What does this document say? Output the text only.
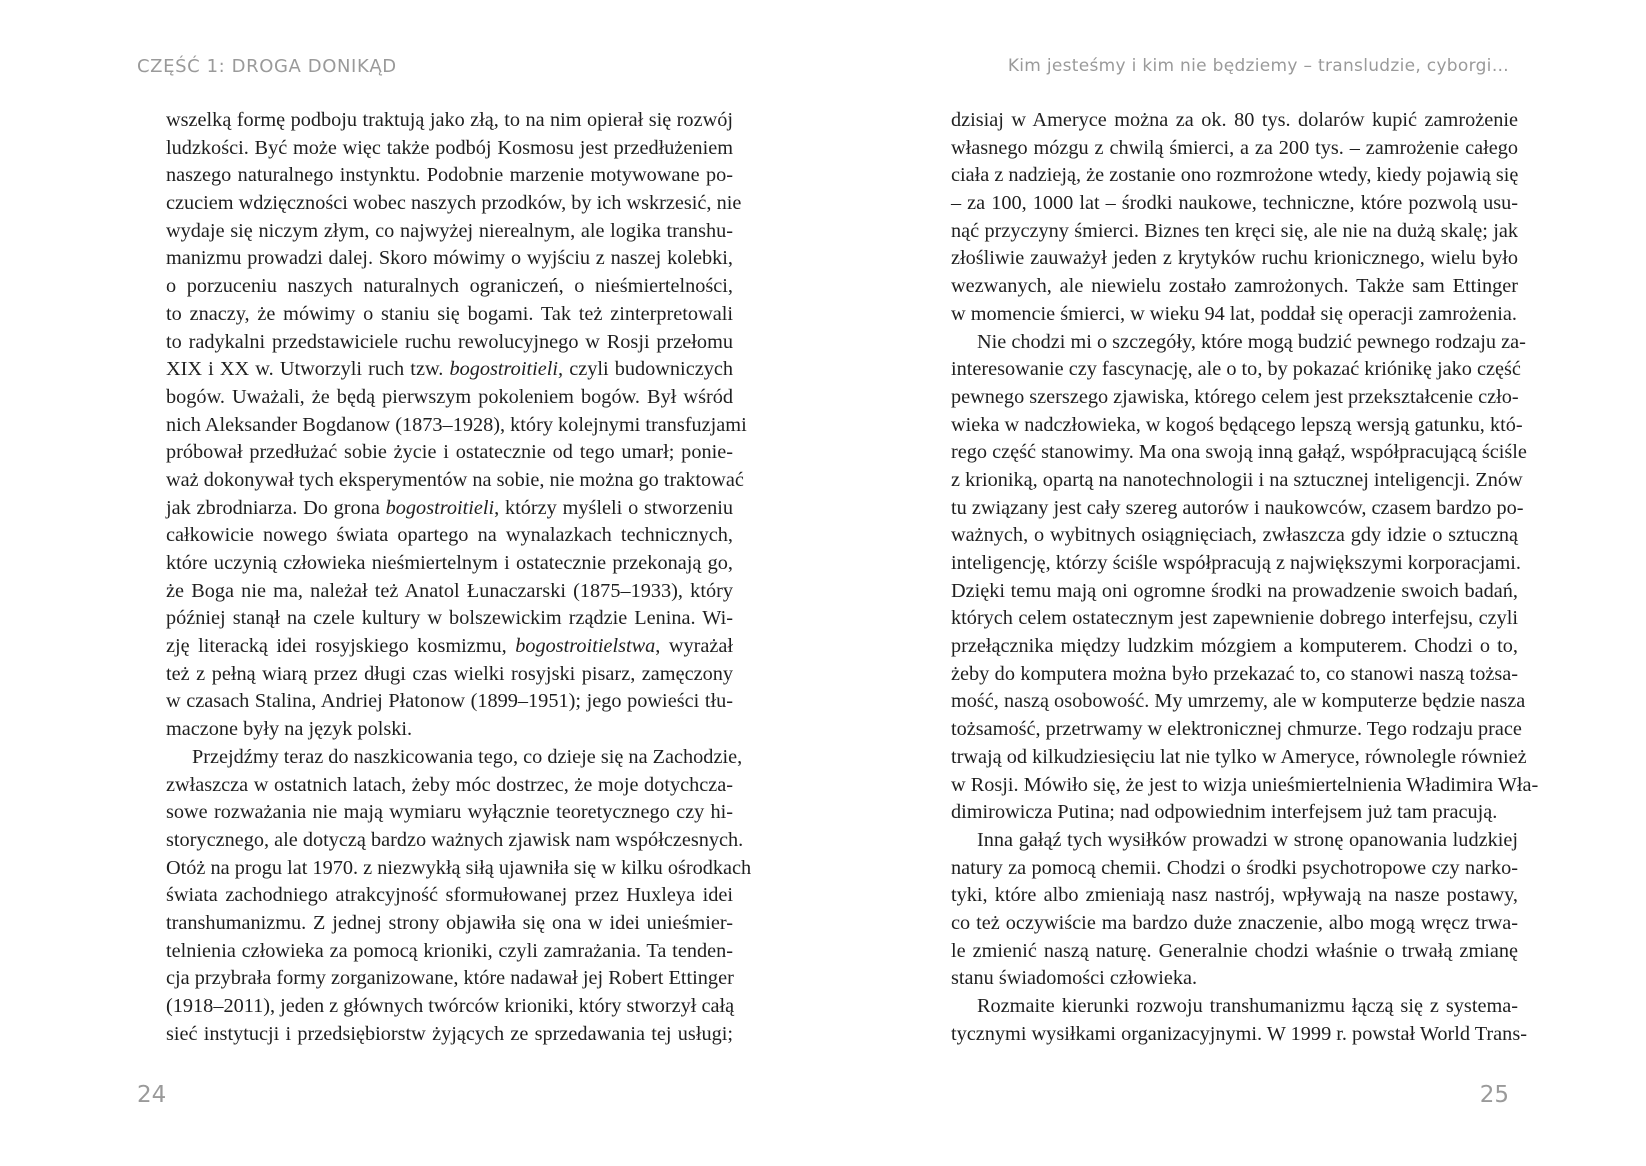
CZĘŚĆ 1: DROGA DONIKĄD
wszelką formę podboju traktują jako złą, to na nim opierał się rozwój
ludzkości. Być może więc także podbój Kosmosu jest przedłużeniem
naszego naturalnego instynktu. Podobnie marzenie motywowane po-
czuciem wdzięczności wobec naszych przodków, by ich wskrzesić, nie
wydaje się niczym złym, co najwyżej nierealnym, ale logika transhu-
manizmu prowadzi dalej. Skoro mówimy o wyjściu z naszej kolebki,
o porzuceniu naszych naturalnych ograniczeń, o nieśmiertelności,
to znaczy, że mówimy o staniu się bogami. Tak też zinterpretowali
to radykalni przedstawiciele ruchu rewolucyjnego w Rosji przełomu
XIX i XX w. Utworzyli ruch tzw. bogostroitieli, czyli budowniczych
bogów. Uważali, że będą pierwszym pokoleniem bogów. Był wśród
nich Aleksander Bogdanow (1873–1928), który kolejnymi transfuzjami
próbował przedłużać sobie życie i ostatecznie od tego umarł; ponie-
waż dokonywał tych eksperymentów na sobie, nie można go traktować
jak zbrodniarza. Do grona bogostroitieli, którzy myśleli o stworzeniu
całkowicie nowego świata opartego na wynalazkach technicznych,
które uczynią człowieka nieśmiertelnym i ostatecznie przekonają go,
że Boga nie ma, należał też Anatol Łunaczarski (1875–1933), który
później stanął na czele kultury w bolszewickim rządzie Lenina. Wi-
zję literacką idei rosyjskiego kosmizmu, bogostroitielstwa, wyrażał
też z pełną wiarą przez długi czas wielki rosyjski pisarz, zamęczony
w czasach Stalina, Andriej Płatonow (1899–1951); jego powieści tłu-
maczone były na język polski.
Przejdźmy teraz do naszkicowania tego, co dzieje się na Zachodzie,
zwłaszcza w ostatnich latach, żeby móc dostrzec, że moje dotychcza-
sowe rozważania nie mają wymiaru wyłącznie teoretycznego czy hi-
storycznego, ale dotyczą bardzo ważnych zjawisk nam współczesnych.
Otóż na progu lat 1970. z niezwykłą siłą ujawniła się w kilku ośrodkach
świata zachodniego atrakcyjność sformułowanej przez Huxleya idei
transhumanizmu. Z jednej strony objawiła się ona w idei unieśmier-
telnienia człowieka za pomocą krioniki, czyli zamrażania. Ta tenden-
cja przybrała formy zorganizowane, które nadawał jej Robert Ettinger
(1918–2011), jeden z głównych twórców krioniki, który stworzył całą
sieć instytucji i przedsiębiorstw żyjących ze sprzedawania tej usługi;
24
Kim jesteśmy i kim nie będziemy – transludzie, cyborgi…
dzisiaj w Ameryce można za ok. 80 tys. dolarów kupić zamrożenie
własnego mózgu z chwilą śmierci, a za 200 tys. – zamrożenie całego
ciała z nadzieją, że zostanie ono rozmrożone wtedy, kiedy pojawią się
– za 100, 1000 lat – środki naukowe, techniczne, które pozwolą usu-
nąć przyczyny śmierci. Biznes ten kręci się, ale nie na dużą skalę; jak
złośliwie zauważył jeden z krytyków ruchu krionicznego, wielu było
wezwanych, ale niewielu zostało zamrożonych. Także sam Ettinger
w momencie śmierci, w wieku 94 lat, poddał się operacji zamrożenia.
Nie chodzi mi o szczegóły, które mogą budzić pewnego rodzaju za-
interesowanie czy fascynację, ale o to, by pokazać kriónikę jako część
pewnego szerszego zjawiska, którego celem jest przekształcenie czło-
wieka w nadczłowieka, w kogoś będącego lepszą wersją gatunku, któ-
rego część stanowimy. Ma ona swoją inną gałąź, współpracującą ściśle
z krioniką, opartą na nanotechnologii i na sztucznej inteligencji. Znów
tu związany jest cały szereg autorów i naukowców, czasem bardzo po-
ważnych, o wybitnych osiągnięciach, zwłaszcza gdy idzie o sztuczną
inteligencję, którzy ściśle współpracują z największymi korporacjami.
Dzięki temu mają oni ogromne środki na prowadzenie swoich badań,
których celem ostatecznym jest zapewnienie dobrego interfejsu, czyli
przełącznika między ludzkim mózgiem a komputerem. Chodzi o to,
żeby do komputera można było przekazać to, co stanowi naszą tożsa-
mość, naszą osobowość. My umrzemy, ale w komputerze będzie nasza
tożsamość, przetrwamy w elektronicznej chmurze. Tego rodzaju prace
trwają od kilkudziesięciu lat nie tylko w Ameryce, równolegle również
w Rosji. Mówiło się, że jest to wizja unieśmiertelnienia Władimira Wła-
dimirowicza Putina; nad odpowiednim interfejsem już tam pracują.
Inna gałąź tych wysiłków prowadzi w stronę opanowania ludzkiej
natury za pomocą chemii. Chodzi o środki psychotropowe czy narko-
tyki, które albo zmieniają nasz nastrój, wpływają na nasze postawy,
co też oczywiście ma bardzo duże znaczenie, albo mogą wręcz trwa-
le zmienić naszą naturę. Generalnie chodzi właśnie o trwałą zmianę
stanu świadomości człowieka.
Rozmaite kierunki rozwoju transhumanizmu łączą się z systema-
tycznymi wysiłkami organizacyjnymi. W 1999 r. powstał World Trans-
25
